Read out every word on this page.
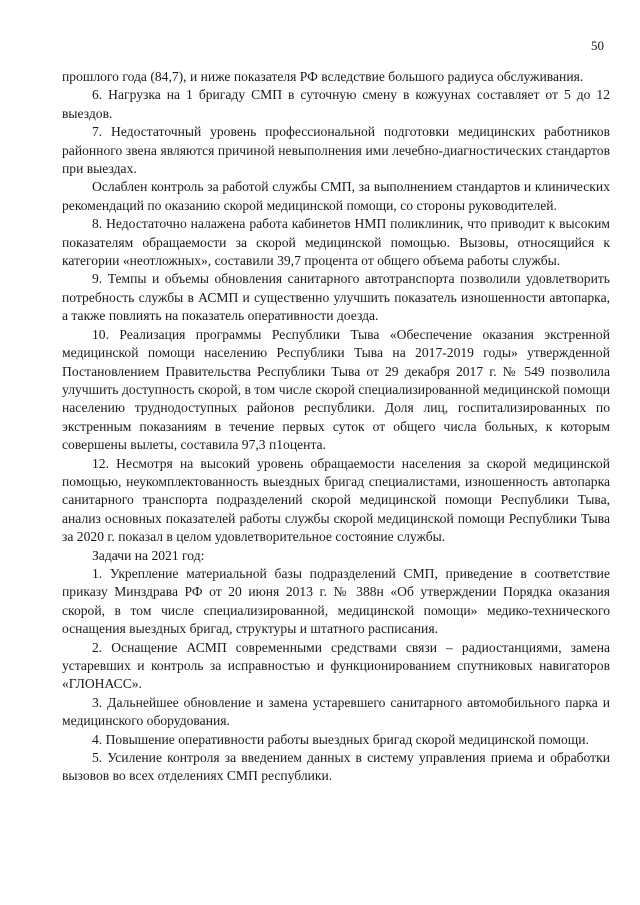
50

прошлого года (84,7), и ниже показателя РФ вследствие большого радиуса обслуживания.

6. Нагрузка на 1 бригаду СМП в суточную смену в кожуунах составляет от 5 до 12 выездов.

7. Недостаточный уровень профессиональной подготовки медицинских работников районного звена являются причиной невыполнения ими лечебно-диагностических стандартов при выездах.

Ослаблен контроль за работой службы СМП, за выполнением стандартов и клинических рекомендаций по оказанию скорой медицинской помощи, со стороны руководителей.

8. Недостаточно налажена работа кабинетов НМП поликлиник, что приводит к высоким показателям обращаемости за скорой медицинской помощью. Вызовы, относящийся к категории «неотложных», составили 39,7 процента от общего объема работы службы.

9. Темпы и объемы обновления санитарного автотранспорта позволили удовлетворить потребность службы в АСМП и существенно улучшить показатель изношенности автопарка, а также повлиять на показатель оперативности доезда.

10. Реализация программы Республики Тыва «Обеспечение оказания экстренной медицинской помощи населению Республики Тыва на 2017-2019 годы» утвержденной Постановлением Правительства Республики Тыва от 29 декабря 2017 г. № 549 позволила улучшить доступность скорой, в том числе скорой специализированной медицинской помощи населению труднодоступных районов республики. Доля лиц, госпитализированных по экстренным показаниям в течение первых суток от общего числа больных, к которым совершены вылеты, составила 97,3 п1оцента.

12. Несмотря на высокий уровень обращаемости населения за скорой медицинской помощью, неукомплектованность выездных бригад специалистами, изношенность автопарка санитарного транспорта подразделений скорой медицинской помощи Республики Тыва, анализ основных показателей работы службы скорой медицинской помощи Республики Тыва за 2020 г. показал в целом удовлетворительное состояние службы.

Задачи на 2021 год:

1. Укрепление материальной базы подразделений СМП, приведение в соответствие приказу Минздрава РФ от 20 июня 2013 г. № 388н «Об утверждении Порядка оказания скорой, в том числе специализированной, медицинской помощи» медико-технического оснащения выездных бригад, структуры и штатного расписания.

2. Оснащение АСМП современными средствами связи – радиостанциями, замена устаревших и контроль за исправностью и функционированием спутниковых навигаторов «ГЛОНАСС».

3. Дальнейшее обновление и замена устаревшего санитарного автомобильного парка и медицинского оборудования.

4. Повышение оперативности работы выездных бригад скорой медицинской помощи.

5. Усиление контроля за введением данных в систему управления приема и обработки вызовов во всех отделениях СМП республики.
